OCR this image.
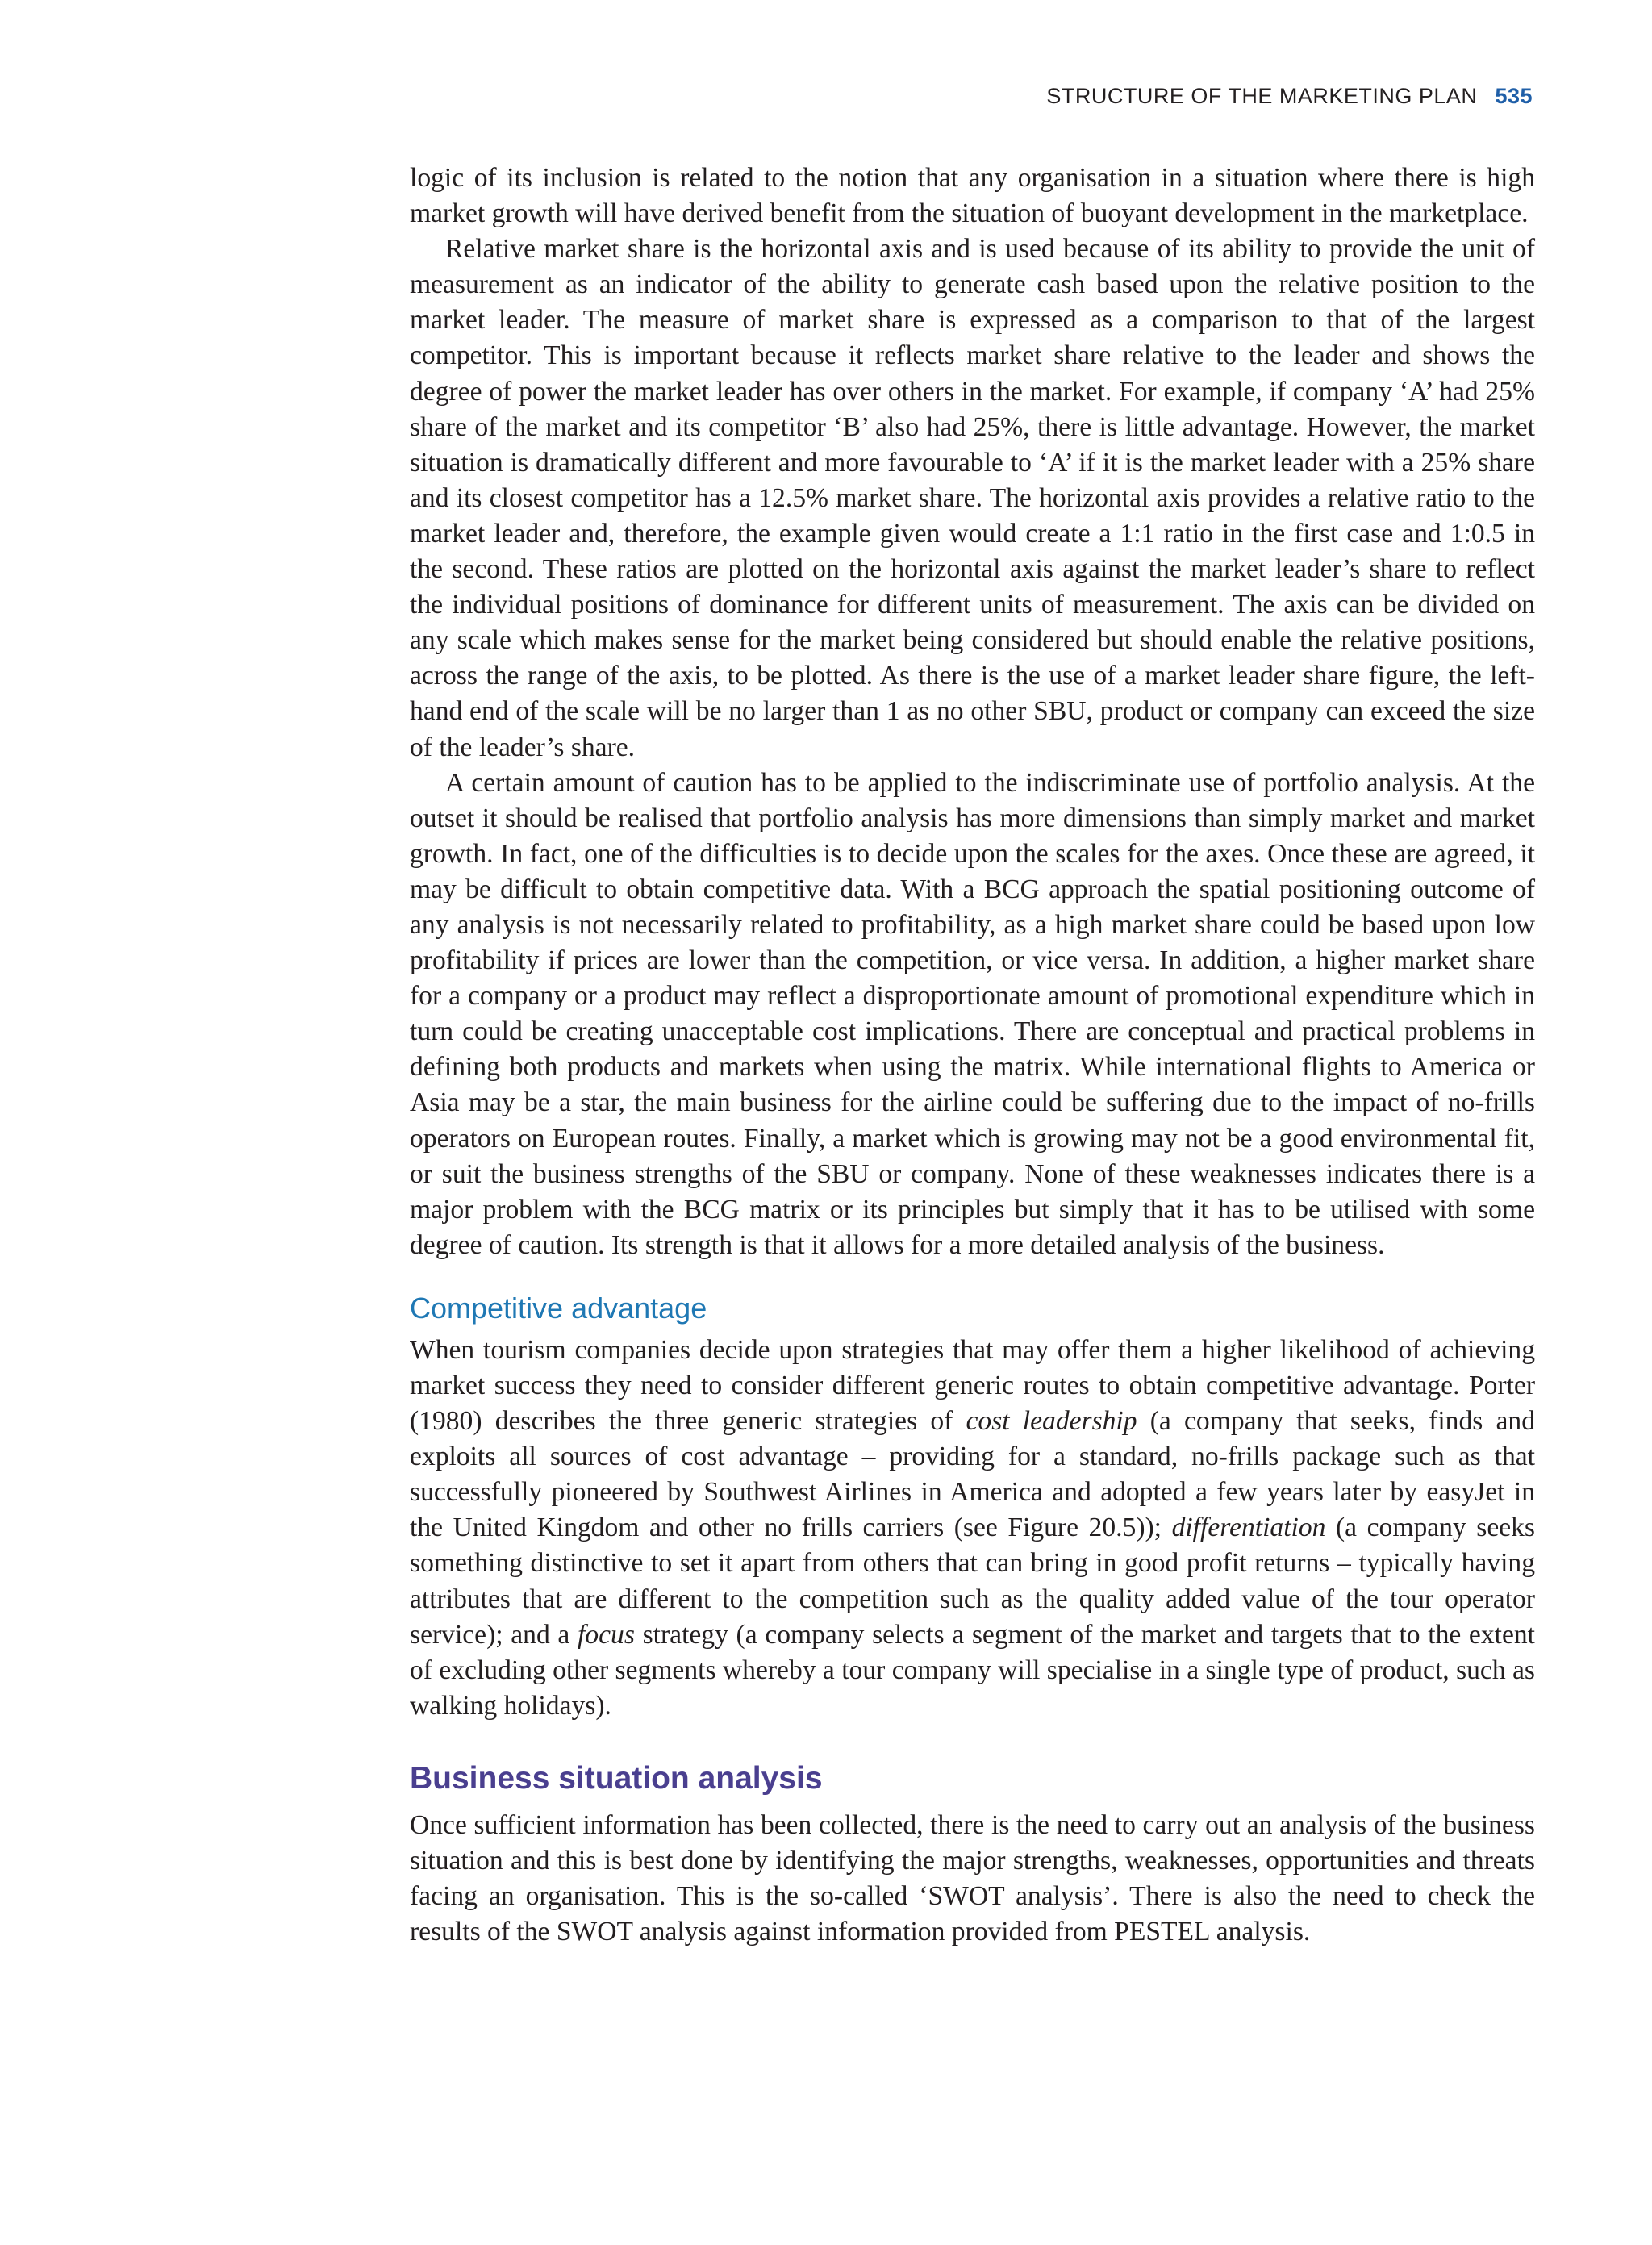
STRUCTURE OF THE MARKETING PLAN 535

logic of its inclusion is related to the notion that any organisation in a situation where there is high market growth will have derived benefit from the situation of buoyant development in the marketplace.

Relative market share is the horizontal axis and is used because of its ability to provide the unit of measurement as an indicator of the ability to generate cash based upon the relative position to the market leader. The measure of market share is expressed as a comparison to that of the largest competitor. This is important because it reflects market share relative to the leader and shows the degree of power the market leader has over others in the market. For example, if company ‘A’ had 25% share of the market and its competitor ‘B’ also had 25%, there is little advantage. However, the market situation is dramatically different and more favourable to ‘A’ if it is the market leader with a 25% share and its closest competitor has a 12.5% market share. The horizontal axis provides a relative ratio to the market leader and, therefore, the example given would create a 1:1 ratio in the first case and 1:0.5 in the second. These ratios are plotted on the horizontal axis against the market leader’s share to reflect the individual positions of dominance for different units of measurement. The axis can be divided on any scale which makes sense for the market being considered but should enable the relative positions, across the range of the axis, to be plotted. As there is the use of a market leader share figure, the left-hand end of the scale will be no larger than 1 as no other SBU, product or company can exceed the size of the leader’s share.

A certain amount of caution has to be applied to the indiscriminate use of portfolio analysis. At the outset it should be realised that portfolio analysis has more dimensions than simply market and market growth. In fact, one of the difficulties is to decide upon the scales for the axes. Once these are agreed, it may be difficult to obtain competitive data. With a BCG approach the spatial positioning outcome of any analysis is not necessarily related to profitability, as a high market share could be based upon low profitability if prices are lower than the competition, or vice versa. In addition, a higher market share for a company or a product may reflect a disproportionate amount of promotional expenditure which in turn could be creating unacceptable cost implications. There are conceptual and practical problems in defining both products and markets when using the matrix. While international flights to America or Asia may be a star, the main business for the airline could be suffering due to the impact of no-frills operators on European routes. Finally, a market which is growing may not be a good environmental fit, or suit the business strengths of the SBU or company. None of these weaknesses indicates there is a major problem with the BCG matrix or its principles but simply that it has to be utilised with some degree of caution. Its strength is that it allows for a more detailed analysis of the business.

Competitive advantage

When tourism companies decide upon strategies that may offer them a higher likelihood of achieving market success they need to consider different generic routes to obtain competitive advantage. Porter (1980) describes the three generic strategies of cost leadership (a company that seeks, finds and exploits all sources of cost advantage – providing for a standard, no-frills package such as that successfully pioneered by Southwest Airlines in America and adopted a few years later by easyJet in the United Kingdom and other no frills carriers (see Figure 20.5)); differentiation (a company seeks something distinctive to set it apart from others that can bring in good profit returns – typically having attributes that are different to the competition such as the quality added value of the tour operator service); and a focus strategy (a company selects a segment of the market and targets that to the extent of excluding other segments whereby a tour company will specialise in a single type of product, such as walking holidays).

Business situation analysis

Once sufficient information has been collected, there is the need to carry out an analysis of the business situation and this is best done by identifying the major strengths, weaknesses, opportunities and threats facing an organisation. This is the so-called ‘SWOT analysis’. There is also the need to check the results of the SWOT analysis against information provided from PESTEL analysis.
